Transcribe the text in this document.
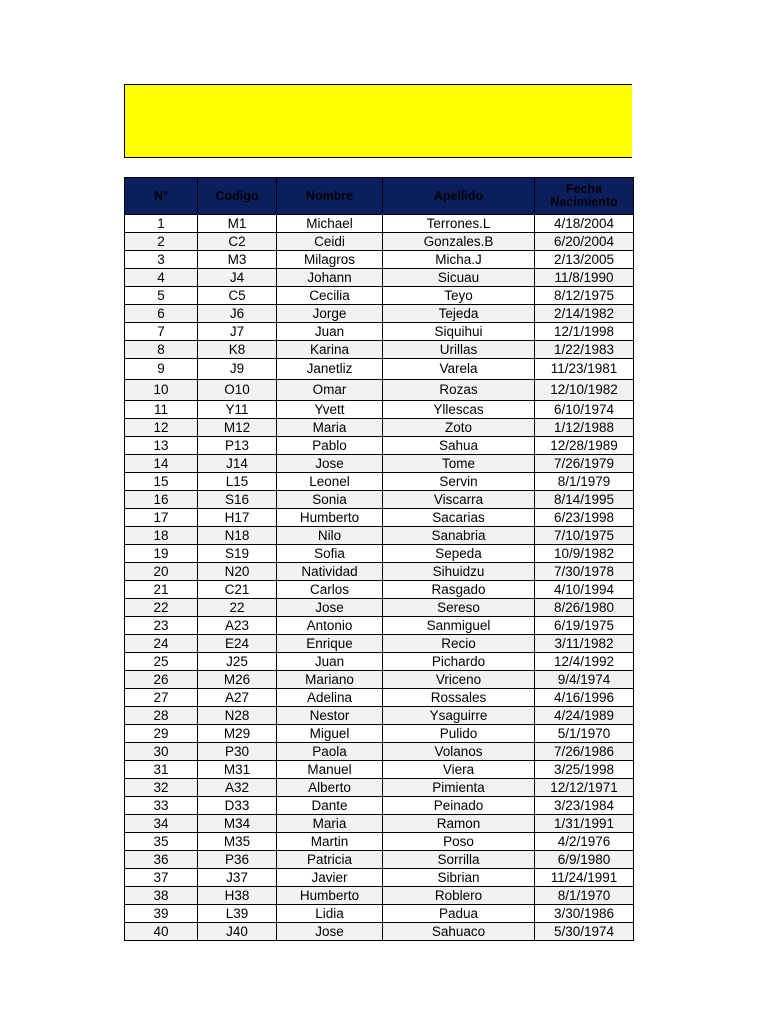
N°	Codigo	Nombre	Apellido	Fecha Nacimiento
1	M1	Michael	Terrones.L	4/18/2004
2	C2	Ceidi	Gonzales.B	6/20/2004
3	M3	Milagros	Micha.J	2/13/2005
4	J4	Johann	Sicuau	11/8/1990
5	C5	Cecilia	Teyo	8/12/1975
6	J6	Jorge	Tejeda	2/14/1982
7	J7	Juan	Siquihui	12/1/1998
8	K8	Karina	Urillas	1/22/1983
9	J9	Janetliz	Varela	11/23/1981
10	O10	Omar	Rozas	12/10/1982
11	Y11	Yvett	Yllescas	6/10/1974
12	M12	Maria	Zoto	1/12/1988
13	P13	Pablo	Sahua	12/28/1989
14	J14	Jose	Tome	7/26/1979
15	L15	Leonel	Servin	8/1/1979
16	S16	Sonia	Viscarra	8/14/1995
17	H17	Humberto	Sacarias	6/23/1998
18	N18	Nilo	Sanabria	7/10/1975
19	S19	Sofia	Sepeda	10/9/1982
20	N20	Natividad	Sihuidzu	7/30/1978
21	C21	Carlos	Rasgado	4/10/1994
22	22	Jose	Sereso	8/26/1980
23	A23	Antonio	Sanmiguel	6/19/1975
24	E24	Enrique	Recio	3/11/1982
25	J25	Juan	Pichardo	12/4/1992
26	M26	Mariano	Vriceno	9/4/1974
27	A27	Adelina	Rossales	4/16/1996
28	N28	Nestor	Ysaguirre	4/24/1989
29	M29	Miguel	Pulido	5/1/1970
30	P30	Paola	Volanos	7/26/1986
31	M31	Manuel	Viera	3/25/1998
32	A32	Alberto	Pimienta	12/12/1971
33	D33	Dante	Peinado	3/23/1984
34	M34	Maria	Ramon	1/31/1991
35	M35	Martin	Poso	4/2/1976
36	P36	Patricia	Sorrilla	6/9/1980
37	J37	Javier	Sibrian	11/24/1991
38	H38	Humberto	Roblero	8/1/1970
39	L39	Lidia	Padua	3/30/1986
40	J40	Jose	Sahuaco	5/30/1974
